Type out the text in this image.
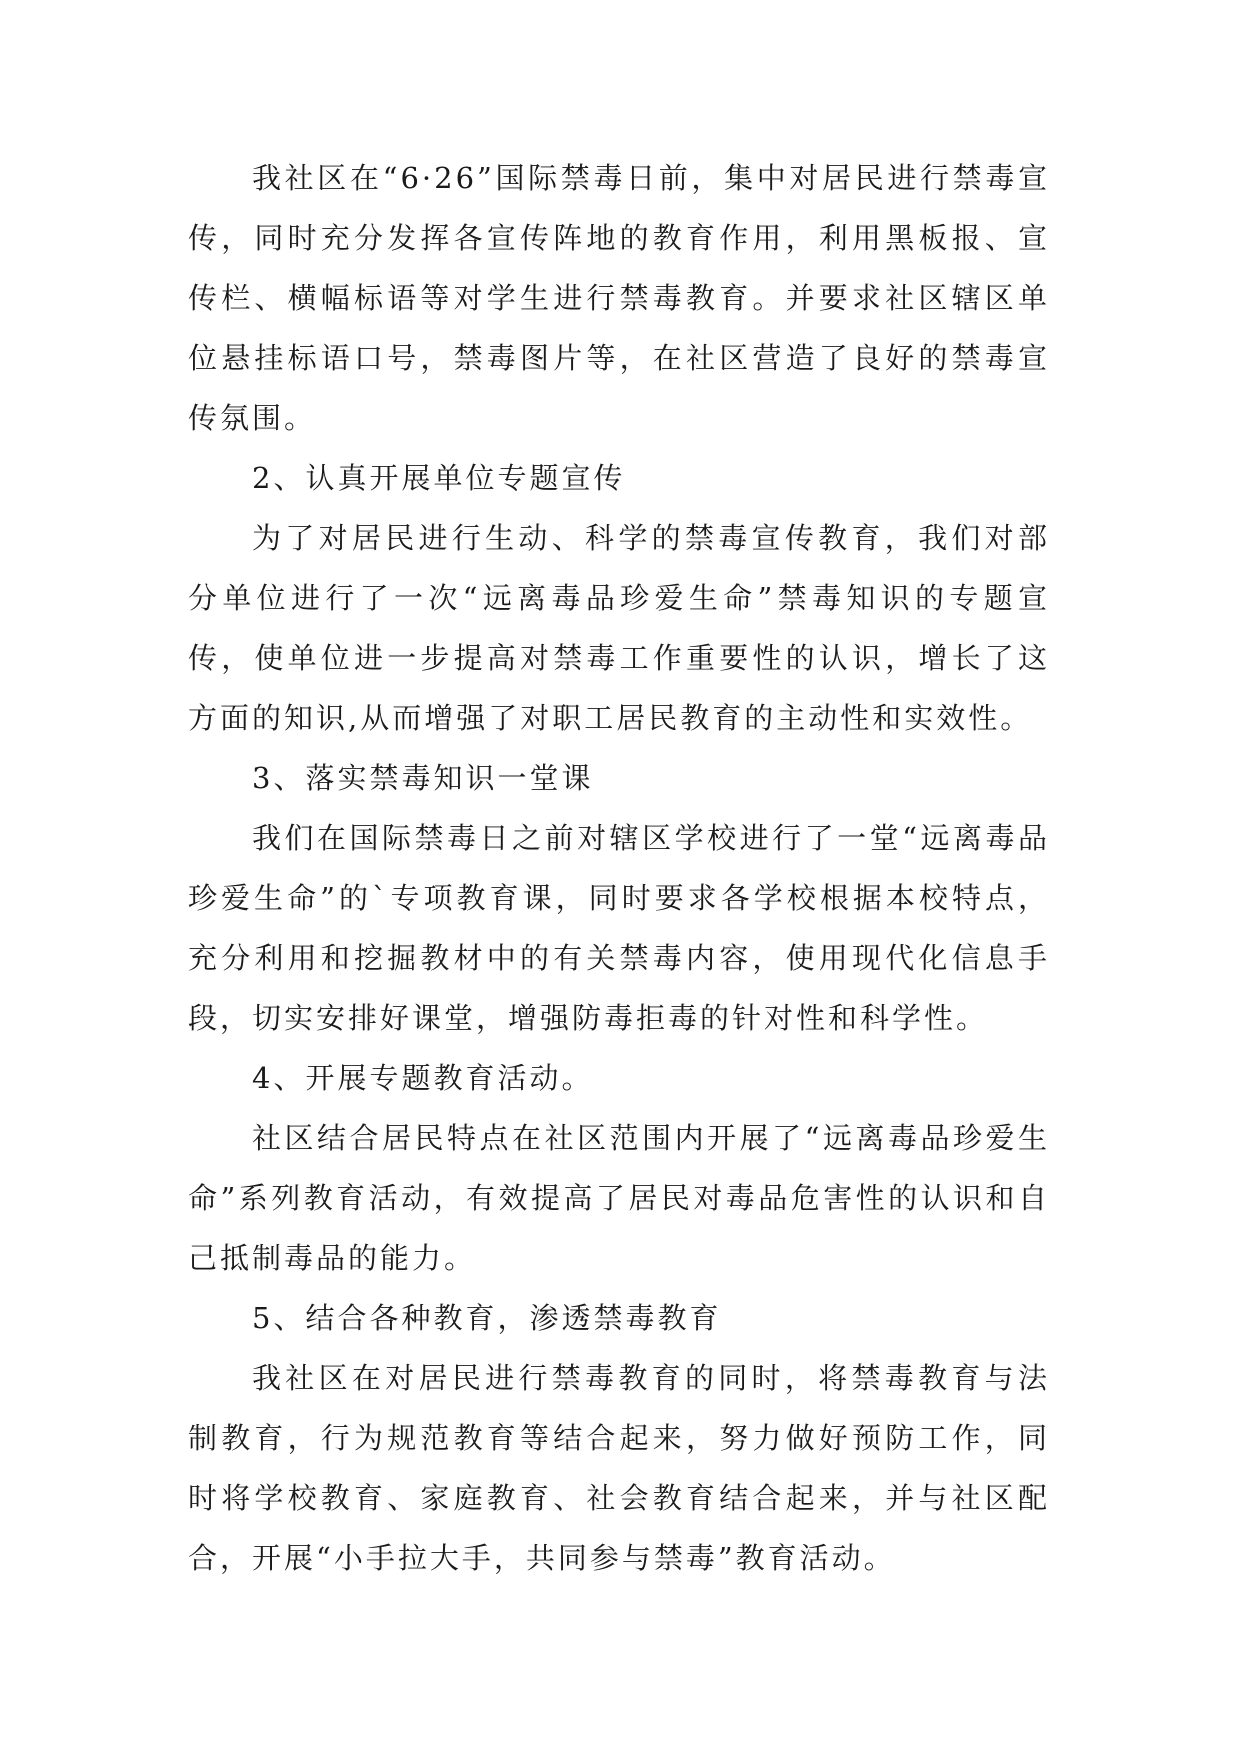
我社区在“6·26”国际禁毒日前，集中对居民进行禁毒宣传，同时充分发挥各宣传阵地的教育作用，利用黑板报、宣传栏、横幅标语等对学生进行禁毒教育。并要求社区辖区单位悬挂标语口号，禁毒图片等，在社区营造了良好的禁毒宣传氛围。

2、认真开展单位专题宣传

为了对居民进行生动、科学的禁毒宣传教育，我们对部分单位进行了一次“远离毒品珍爱生命”禁毒知识的专题宣传，使单位进一步提高对禁毒工作重要性的认识，增长了这方面的知识,从而增强了对职工居民教育的主动性和实效性。

3、落实禁毒知识一堂课

我们在国际禁毒日之前对辖区学校进行了一堂“远离毒品珍爱生命”的`专项教育课，同时要求各学校根据本校特点，充分利用和挖掘教材中的有关禁毒内容，使用现代化信息手段，切实安排好课堂，增强防毒拒毒的针对性和科学性。

4、开展专题教育活动。

社区结合居民特点在社区范围内开展了“远离毒品珍爱生命”系列教育活动，有效提高了居民对毒品危害性的认识和自己抵制毒品的能力。

5、结合各种教育，渗透禁毒教育

我社区在对居民进行禁毒教育的同时，将禁毒教育与法制教育，行为规范教育等结合起来，努力做好预防工作，同时将学校教育、家庭教育、社会教育结合起来，并与社区配合，开展“小手拉大手，共同参与禁毒”教育活动。
